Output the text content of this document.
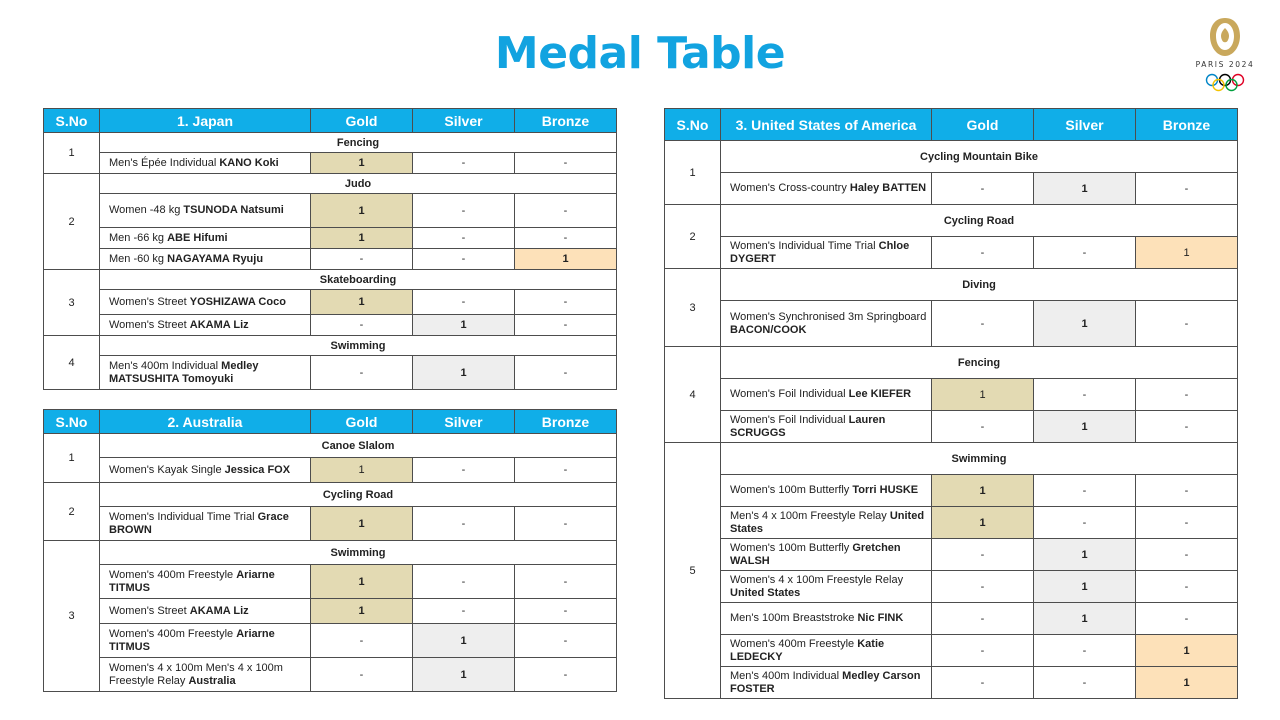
Medal Table	PARIS 2024
S.No	1. Japan	Gold	Silver	Bronze
1	Fencing			
	Men's Épée Individual KANO Koki	1	-	-
2	Judo			
	Women -48 kg TSUNODA Natsumi	1	-	-
	Men -66 kg ABE Hifumi	1	-	-
	Men -60 kg NAGAYAMA Ryuju	-	-	1
3	Skateboarding			
	Women's Street YOSHIZAWA Coco	1	-	-
	Women's Street AKAMA Liz	-	1	-
4	Swimming			
	Men's 400m Individual Medley MATSUSHITA Tomoyuki	-	1	-
S.No	2. Australia	Gold	Silver	Bronze
1	Canoe Slalom			
	Women's Kayak Single Jessica FOX	1	-	-
2	Cycling Road			
	Women's Individual Time Trial Grace BROWN	1	-	-
3	Swimming			
	Women's 400m Freestyle Ariarne TITMUS	1	-	-
	Women's Street AKAMA Liz	1	-	-
	Women's 400m Freestyle Ariarne TITMUS	-	1	-
	Women's 4 x 100m Men's 4 x 100m Freestyle Relay Australia	-	1	-
S.No	3. United States of America	Gold	Silver	Bronze
1	Cycling Mountain Bike			
	Women's Cross-country Haley BATTEN	-	1	-
2	Cycling Road			
	Women's Individual Time Trial Chloe DYGERT	-	-	1
3	Diving			
	Women's Synchronised 3m Springboard BACON/COOK	-	1	-
4	Fencing			
	Women's Foil Individual Lee KIEFER	1	-	-
	Women's Foil Individual Lauren SCRUGGS	-	1	-
5	Swimming			
	Women's 100m Butterfly Torri HUSKE	1	-	-
	Men's 4 x 100m Freestyle Relay United States	1	-	-
	Women's 100m Butterfly Gretchen WALSH	-	1	-
	Women's 4 x 100m Freestyle Relay United States	-	1	-
	Men's 100m Breaststroke Nic FINK	-	1	-
	Women's 400m Freestyle Katie LEDECKY	-	-	1
	Men's 400m Individual Medley Carson FOSTER	-	-	1
